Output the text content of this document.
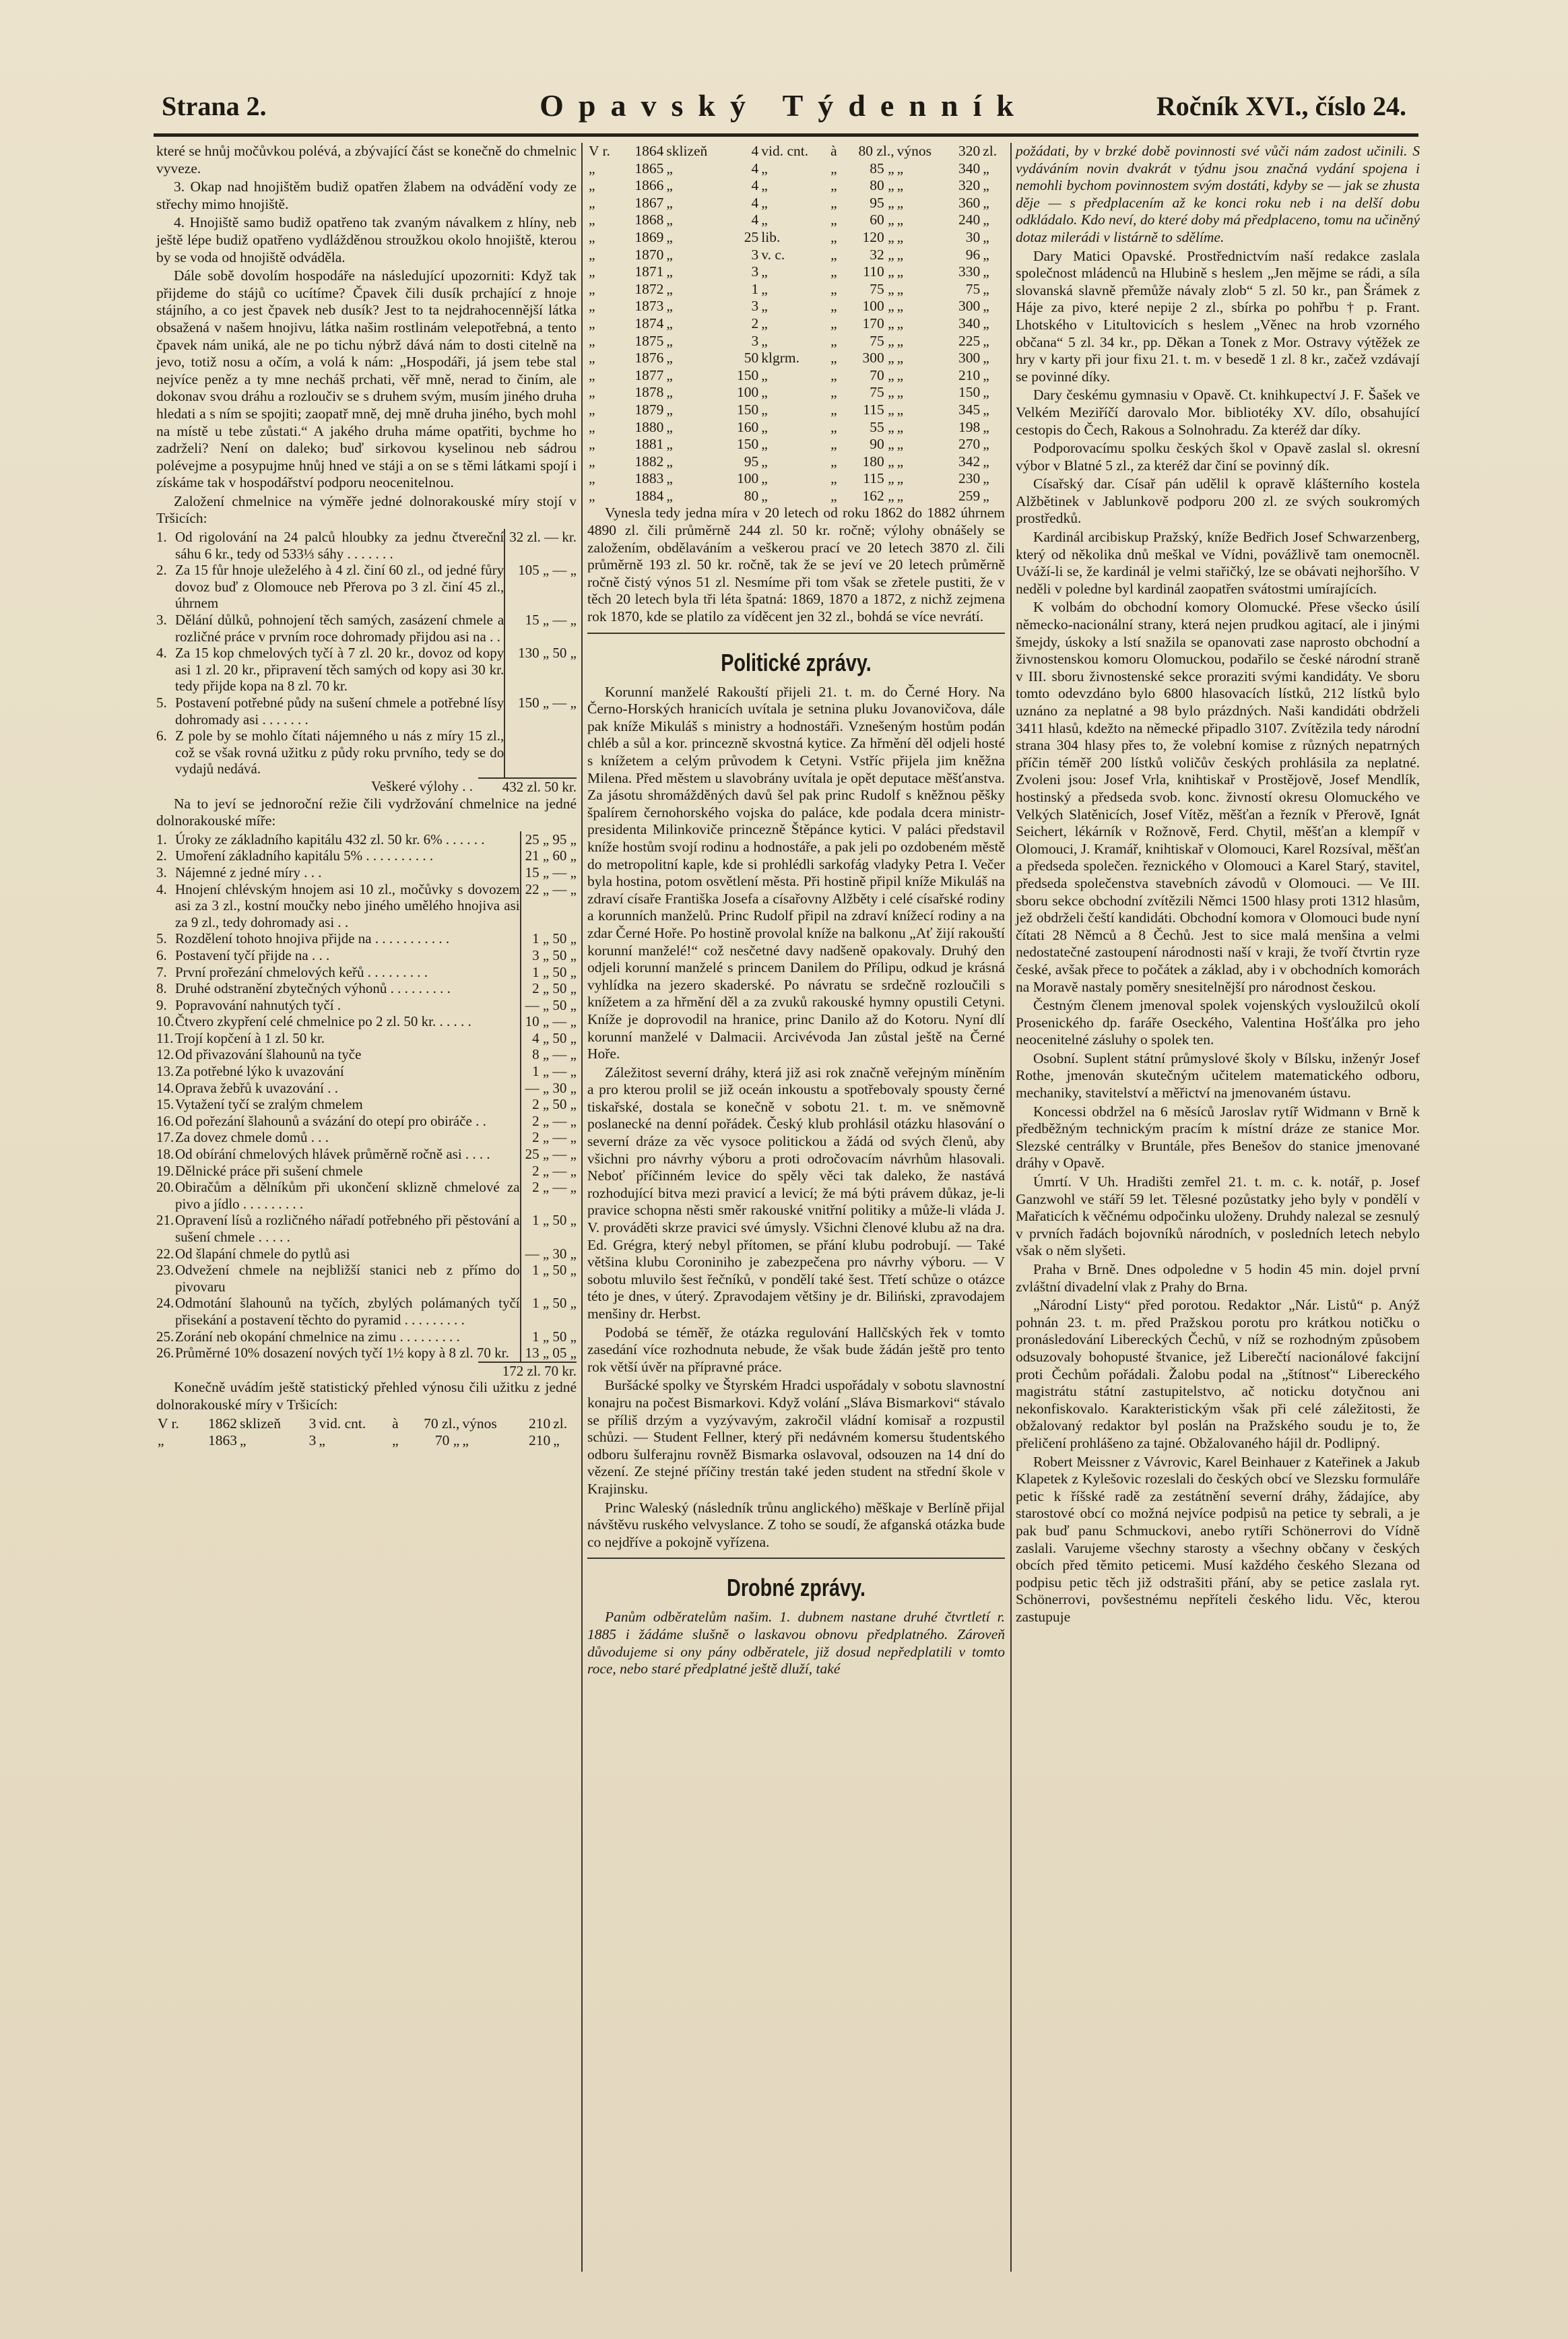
Strana 2.	Opavský Týdenník	Ročník XVI., číslo 24.

které se hnůj močůvkou polévá, a zbývající část se konečně do chmelnic vyveze.

3. Okap nad hnojištěm budiž opatřen žlabem na odvádění vody ze střechy mimo hnojiště.

4. Hnojiště samo budiž opatřeno tak zvaným návalkem z hlíny, neb ještě lépe budiž opatřeno vydlážděnou stroužkou okolo hnojiště, kterou by se voda od hnojiště odváděla.

Dále sobě dovolím hospodáře na následující upozorniti: Když tak přijdeme do stájů co ucítíme? Čpavek čili dusík prchající z hnoje stájního, a co jest čpavek neb dusík? Jest to ta nejdrahocennější látka obsažená v našem hnojivu, látka našim rostlinám velepotřebná, a tento čpavek nám uniká, ale ne po tichu nýbrž dává nám to dosti citelně na jevo, totiž nosu a očím, a volá k nám: „Hospodáři, já jsem tebe stal nejvíce peněz a ty mne necháš prchati, věř mně, nerad to činím, ale dokonav svou dráhu a rozloučiv se s druhem svým, musím jiného druha hledati a s ním se spojiti; zaopatř mně, dej mně druha jiného, bych mohl na místě u tebe zůstati.“ A jakého druha máme opatřiti, bychme ho zadrželi? Není on daleko; buď sirkovou kyselinou neb sádrou polévejme a posypujme hnůj hned ve stáji a on se s těmi látkami spojí i získáme tak v hospodářství podporu neocenitelnou.

Založení chmelnice na výměře jedné dolnorakouské míry stojí v Tršicích:

1.	Od rigolování na 24 palců hloubky za jednu čtvereční sáhu 6 kr., tedy od 533⅓ sáhy . . . . . . .	32 zl. — kr.
2.	Za 15 fůr hnoje uleželého à 4 zl. činí 60 zl., od jedné fůry dovoz buď z Olomouce neb Přerova po 3 zl. činí 45 zl., úhrnem	105 „ — „
3.	Dělání důlků, pohnojení těch samých, zasázení chmele a rozličné práce v prvním roce dohromady přijdou asi na . .	15 „ — „
4.	Za 15 kop chmelových tyčí à 7 zl. 20 kr., dovoz od kopy asi 1 zl. 20 kr., připravení těch samých od kopy asi 30 kr. tedy přijde kopa na 8 zl. 70 kr.	130 „ 50 „
5.	Postavení potřebné půdy na sušení chmele a potřebné lísy dohromady asi . . . . . . .	150 „ — „
6.	Z pole by se mohlo čítati nájemného u nás z míry 15 zl., což se však rovná užitku z půdy roku prvního, tedy se do vydajů nedává.	
Veškeré výlohy . .	432 zl. 50 kr.

Na to jeví se jednoroční režie čili vydržování chmelnice na jedné dolnorakouské míře:

1.	Úroky ze základního kapitálu 432 zl. 50 kr. 6% . . . . . .	25 „ 95 „
2.	Umoření základního kapitálu 5% . . . . . . . . . .	21 „ 60 „
3.	Nájemné z jedné míry . . .	15 „ — „
4.	Hnojení chlévským hnojem asi 10 zl., močůvky s dovozem asi za 3 zl., kostní moučky nebo jiného umělého hnojiva asi za 9 zl., tedy dohromady asi . .	22 „ — „
5.	Rozdělení tohoto hnojiva přijde na . . . . . . . . . . .	1 „ 50 „
6.	Postavení tyčí přijde na . . .	3 „ 50 „
7.	První prořezání chmelových keřů . . . . . . . . .	1 „ 50 „
8.	Druhé odstranění zbytečných výhonů . . . . . . . . .	2 „ 50 „
9.	Popravování nahnutých tyčí .	— „ 50 „
10.	Čtvero zkypření celé chmelnice po 2 zl. 50 kr. . . . . .	10 „ — „
11.	Trojí kopčení à 1 zl. 50 kr.	4 „ 50 „
12.	Od přivazování šlahounů na tyče	8 „ — „
13.	Za potřebné lýko k uvazování	1 „ — „
14.	Oprava žebřů k uvazování . .	— „ 30 „
15.	Vytažení tyčí se zralým chmelem	2 „ 50 „
16.	Od pořezání šlahounů a svázání do otepí pro obiráče . .	2 „ — „
17.	Za dovez chmele domů . . .	2 „ — „
18.	Od obírání chmelových hlávek průměrně ročně asi . . . .	25 „ — „
19.	Dělnické práce při sušení chmele	2 „ — „
20.	Obiračům a dělníkům při ukončení sklizně chmelové za pivo a jídlo . . . . . . . . .	2 „ — „
21.	Opravení lísů a rozličného nářadí potřebného při pěstování a sušení chmele . . . . .	1 „ 50 „
22.	Od šlapání chmele do pytlů asi	— „ 30 „
23.	Odvežení chmele na nejbližší stanici neb z přímo do pivovaru	1 „ 50 „
24.	Odmotání šlahounů na tyčích, zbylých polámaných tyčí přisekání a postavení těchto do pyramid . . . . . . . . .	1 „ 50 „
25.	Zorání neb okopání chmelnice na zimu . . . . . . . . .	1 „ 50 „
26.	Průměrné 10% dosazení nových tyčí 1½ kopy à 8 zl. 70 kr.	13 „ 05 „
	172 zl. 70 kr.

Konečně uvádím ještě statistický přehled výnosu čili užitku z jedné dolnorakouské míry v Tršicích:

V r.	1862	sklizeň	3	vid. cnt.	à	70 zl.,	výnos	210	zl.
„	1863	„	3	„	„	70 „	„	210	„
V r.	1864	sklizeň	4	vid. cnt.	à	80 zl.,	výnos	320	zl.
„	1865	„	4	„	„	85 „	„	340	„
„	1866	„	4	„	„	80 „	„	320	„
„	1867	„	4	„	„	95 „	„	360	„
„	1868	„	4	„	„	60 „	„	240	„
„	1869	„	25	lib.	„	120 „	„	30	„
„	1870	„	3	v. c.	„	32 „	„	96	„
„	1871	„	3	„	„	110 „	„	330	„
„	1872	„	1	„	„	75 „	„	75	„
„	1873	„	3	„	„	100 „	„	300	„
„	1874	„	2	„	„	170 „	„	340	„
„	1875	„	3	„	„	75 „	„	225	„
„	1876	„	50	klgrm.	„	300 „	„	300	„
„	1877	„	150	„	„	70 „	„	210	„
„	1878	„	100	„	„	75 „	„	150	„
„	1879	„	150	„	„	115 „	„	345	„
„	1880	„	160	„	„	55 „	„	198	„
„	1881	„	150	„	„	90 „	„	270	„
„	1882	„	95	„	„	180 „	„	342	„
„	1883	„	100	„	„	115 „	„	230	„
„	1884	„	80	„	„	162 „	„	259	„

Vynesla tedy jedna míra v 20 letech od roku 1862 do 1882 úhrnem 4890 zl. čili průměrně 244 zl. 50 kr. ročně; výlohy obnášely se založením, obdělaváním a veškerou prací ve 20 letech 3870 zl. čili průměrně 193 zl. 50 kr. ročně, tak že se jeví ve 20 letech průměrně ročně čistý výnos 51 zl. Nesmíme při tom však se zřetele pustiti, že v těch 20 letech byla tři léta špatná: 1869, 1870 a 1872, z nichž zejmena rok 1870, kde se platilo za víděcent jen 32 zl., bohdá se více nevrátí.

Politické zprávy.

Korunní manželé Rakouští přijeli 21. t. m. do Černé Hory. Na Černo-Horských hranicích uvítala je setnina pluku Jovanovičova, dále pak kníže Mikuláš s ministry a hodnostáři. Vznešeným hostům podán chléb a sůl a kor. princezně skvostná kytice. Za hřmění děl odjeli hosté s knížetem a celým průvodem k Cetyni. Vstříc přijela jim kněžna Milena. Před městem u slavobrány uvítala je opět deputace měšťanstva. Za jásotu shromážděných davů šel pak princ Rudolf s kněžnou pěšky špalírem černohorského vojska do paláce, kde podala dcera ministr-presidenta Milinkoviče princezně Štěpánce kytici. V paláci představil kníže hostům svojí rodinu a hodnostáře, a pak jeli po ozdobeném městě do metropolitní kaple, kde si prohlédli sarkofág vladyky Petra I. Večer byla hostina, potom osvětlení města. Při hostině připil kníže Mikuláš na zdraví císaře Františka Josefa a císařovny Alžběty i celé císařské rodiny a korunních manželů. Princ Rudolf připil na zdraví knížecí rodiny a na zdar Černé Hoře. Po hostině provolal kníže na balkonu „Ať žijí rakouští korunní manželé!“ což nesčetné davy nadšeně opakovaly. Druhý den odjeli korunní manželé s princem Danilem do Přílipu, odkud je krásná vyhlídka na jezero skaderské. Po návratu se srdečně rozloučili s knížetem a za hřmění děl a za zvuků rakouské hymny opustili Cetyni. Kníže je doprovodil na hranice, princ Danilo až do Kotoru. Nyní dlí korunní manželé v Dalmacii. Arcivévoda Jan zůstal ještě na Černé Hoře.

Záležitost severní dráhy, která již asi rok značně veřejným míněním a pro kterou prolil se již oceán inkoustu a spotřebovaly spousty černé tiskařské, dostala se konečně v sobotu 21. t. m. ve sněmovně poslanecké na denní pořádek. Český klub prohlásil otázku hlasování o severní dráze za věc vysoce politickou a žádá od svých členů, aby všichni pro návrhy výboru a proti odročovacím návrhům hlasovali. Neboť příčinném levice do spěly věci tak daleko, že nastává rozhodující bitva mezi pravicí a levicí; že má býti právem důkaz, je-li pravice schopna něsti směr rakouské vnitřní politiky a může-li vláda J. V. prováděti skrze pravici své úmysly. Všichni členové klubu až na dra. Ed. Grégra, který nebyl přítomen, se přání klubu podrobují. — Také většina klubu Coroniniho je zabezpečena pro návrhy výboru. — V sobotu mluvilo šest řečníků, v pondělí také šest. Třetí schůze o otázce této je dnes, v úterý. Zpravodajem většiny je dr. Biliński, zpravodajem menšiny dr. Herbst.

Podobá se téměř, že otázka regulování Hallčských řek v tomto zasedání více rozhodnuta nebude, že však bude žádán ještě pro tento rok větší úvěr na přípravné práce.

Buršácké spolky ve Štyrském Hradci uspořádaly v sobotu slavnostní konajru na počest Bismarkovi. Když volání „Sláva Bismarkovi“ stávalo se příliš drzým a vyzývavým, zakročil vládní komisař a rozpustil schůzi. — Student Fellner, který při nedávném komersu študentského odboru šulferajnu rovněž Bismarka oslavoval, odsouzen na 14 dní do vězení. Ze stejné příčiny trestán také jeden student na střední škole v Krajinsku.

Princ Waleský (následník trůnu anglického) měškaje v Berlíně přijal návštěvu ruského velvyslance. Z toho se soudí, že afganská otázka bude co nejdříve a pokojně vyřízena.

Drobné zprávy.

Panům odběratelům našim. 1. dubnem nastane druhé čtvrtletí r. 1885 i žádáme slušně o laskavou obnovu předplatného. Zároveň důvodujeme si ony pány odběratele, již dosud nepředplatili v tomto roce, nebo staré předplatné ještě dluží, také

požádati, by v brzké době povinnosti své vůči nám zadost učinili. S vydáváním novin dvakrát v týdnu jsou značná vydání spojena i nemohli bychom povinnostem svým dostáti, kdyby se — jak se zhusta děje — s předplacením až ke konci roku neb i na delší dobu odkládalo. Kdo neví, do které doby má předplaceno, tomu na učiněný dotaz milerádi v listárně to sdělíme.

Dary Matici Opavské. Prostřednictvím naší redakce zaslala společnost mládenců na Hlubině s heslem „Jen mějme se rádi, a síla slovanská slavně přemůže návaly zlob“ 5 zl. 50 kr., pan Šrámek z Háje za pivo, které nepije 2 zl., sbírka po pohřbu † p. Frant. Lhotského v Litultovicích s heslem „Věnec na hrob vzorného občana“ 5 zl. 34 kr., pp. Děkan a Tonek z Mor. Ostravy výtěžek ze hry v karty při jour fixu 21. t. m. v besedě 1 zl. 8 kr., začež vzdávají se povinné díky.

Dary českému gymnasiu v Opavě. Ct. knihkupectví J. F. Šašek ve Velkém Meziříčí darovalo Mor. bibliotéky XV. dílo, obsahující cestopis do Čech, Rakous a Solnohradu. Za kteréž dar díky.

Podporovacímu spolku českých škol v Opavě zaslal sl. okresní výbor v Blatné 5 zl., za kteréž dar činí se povinný dík.

Císařský dar. Císař pán udělil k opravě klášterního kostela Alžbětinek v Jablunkově podporu 200 zl. ze svých soukromých prostředků.

Kardinál arcibiskup Pražský, kníže Bedřich Josef Schwarzenberg, který od několika dnů meškal ve Vídni, povážlivě tam onemocněl. Uváží-li se, že kardinál je velmi stařičký, lze se obávati nejhoršího. V neděli v poledne byl kardinál zaopatřen svátostmi umírajících.

K volbám do obchodní komory Olomucké. Přese všecko úsilí německo-nacionální strany, která nejen prudkou agitací, ale i jinými šmejdy, úskoky a lstí snažila se opanovati zase naprosto obchodní a živnostenskou komoru Olomuckou, podařilo se české národní straně v III. sboru živnostenské sekce proraziti svými kandidáty. Ve sboru tomto odevzdáno bylo 6800 hlasovacích lístků, 212 lístků bylo uznáno za neplatné a 98 bylo prázdných. Naši kandidáti obdrželi 3411 hlasů, kdežto na německé připadlo 3107. Zvítězila tedy národní strana 304 hlasy přes to, že volební komise z různých nepatrných příčin téměř 200 lístků voličův českých prohlásila za neplatné. Zvoleni jsou: Josef Vrla, knihtiskař v Prostějově, Josef Mendlík, hostinský a předseda svob. konc. živností okresu Olomuckého ve Velkých Slatěnicích, Josef Vítěz, měšťan a řezník v Přerově, Ignát Seichert, lékárník v Rožnově, Ferd. Chytil, měšťan a klempíř v Olomouci, J. Kramář, knihtiskař v Olomouci, Karel Rozsíval, měšťan a předseda společen. řeznického v Olomouci a Karel Starý, stavitel, předseda společenstva stavebních závodů v Olomouci. — Ve III. sboru sekce obchodní zvítězili Němci 1500 hlasy proti 1312 hlasům, jež obdrželi čeští kandidáti. Obchodní komora v Olomouci bude nyní čítati 28 Němců a 8 Čechů. Jest to sice malá menšina a velmi nedostatečné zastoupení národnosti naší v kraji, že tvoří čtvrtin ryze české, avšak přece to počátek a základ, aby i v obchodních komorách na Moravě nastaly poměry snesitelnější pro národnost českou.

Čestným členem jmenoval spolek vojenských vysloužilců okolí Prosenického dp. faráře Oseckého, Valentina Hošťálka pro jeho neocenitelné zásluhy o spolek ten.

Osobní. Suplent státní průmyslové školy v Bílsku, inženýr Josef Rothe, jmenován skutečným učitelem matematického odboru, mechaniky, stavitelství a měřictví na jmenovaném ústavu.

Koncessi obdržel na 6 měsíců Jaroslav rytíř Widmann v Brně k předběžným technickým pracím k místní dráze ze stanice Mor. Slezské centrálky v Bruntále, přes Benešov do stanice jmenované dráhy v Opavě.

Úmrtí. V Uh. Hradišti zemřel 21. t. m. c. k. notář, p. Josef Ganzwohl ve stáří 59 let. Tělesné pozůstatky jeho byly v pondělí v Mařaticích k věčnému odpočinku uloženy. Druhdy nalezal se zesnulý v prvních řadách bojovníků národních, v posledních letech nebylo však o něm slyšeti.

Praha v Brně. Dnes odpoledne v 5 hodin 45 min. dojel první zvláštní divadelní vlak z Prahy do Brna.

„Národní Listy“ před porotou. Redaktor „Nár. Listů“ p. Anýž pohnán 23. t. m. před Pražskou porotu pro krátkou notičku o pronásledování Libereckých Čechů, v níž se rozhodným způsobem odsuzovaly bohopusté štvanice, jež Liberečtí nacionálové fakcijní proti Čechům pořádali. Žalobu podal na „štítnosť“ Libereckého magistrátu státní zastupitelstvo, ač noticku dotyčnou ani nekonfiskovalo. Karakteristickým však při celé záležitosti, že obžalovaný redaktor byl poslán na Pražského soudu je to, že přeličení prohlášeno za tajné. Obžalovaného hájil dr. Podlipný.

Robert Meissner z Vávrovic, Karel Beinhauer z Kateřinek a Jakub Klapetek z Kylešovic rozeslali do českých obcí ve Slezsku formuláře petic k říšské radě za zestátnění severní dráhy, žádajíce, aby starostové obcí co možná nejvíce podpisů na petice ty sebrali, a je pak buď panu Schmuckovi, anebo rytíři Schönerrovi do Vídně zaslali. Varujeme všechny starosty a všechny občany v českých obcích před těmito peticemi. Musí každého českého Slezana od podpisu petic těch již odstrašiti přání, aby se petice zaslala ryt. Schönerrovi, povšestnému nepříteli českého lidu. Věc, kterou zastupuje
